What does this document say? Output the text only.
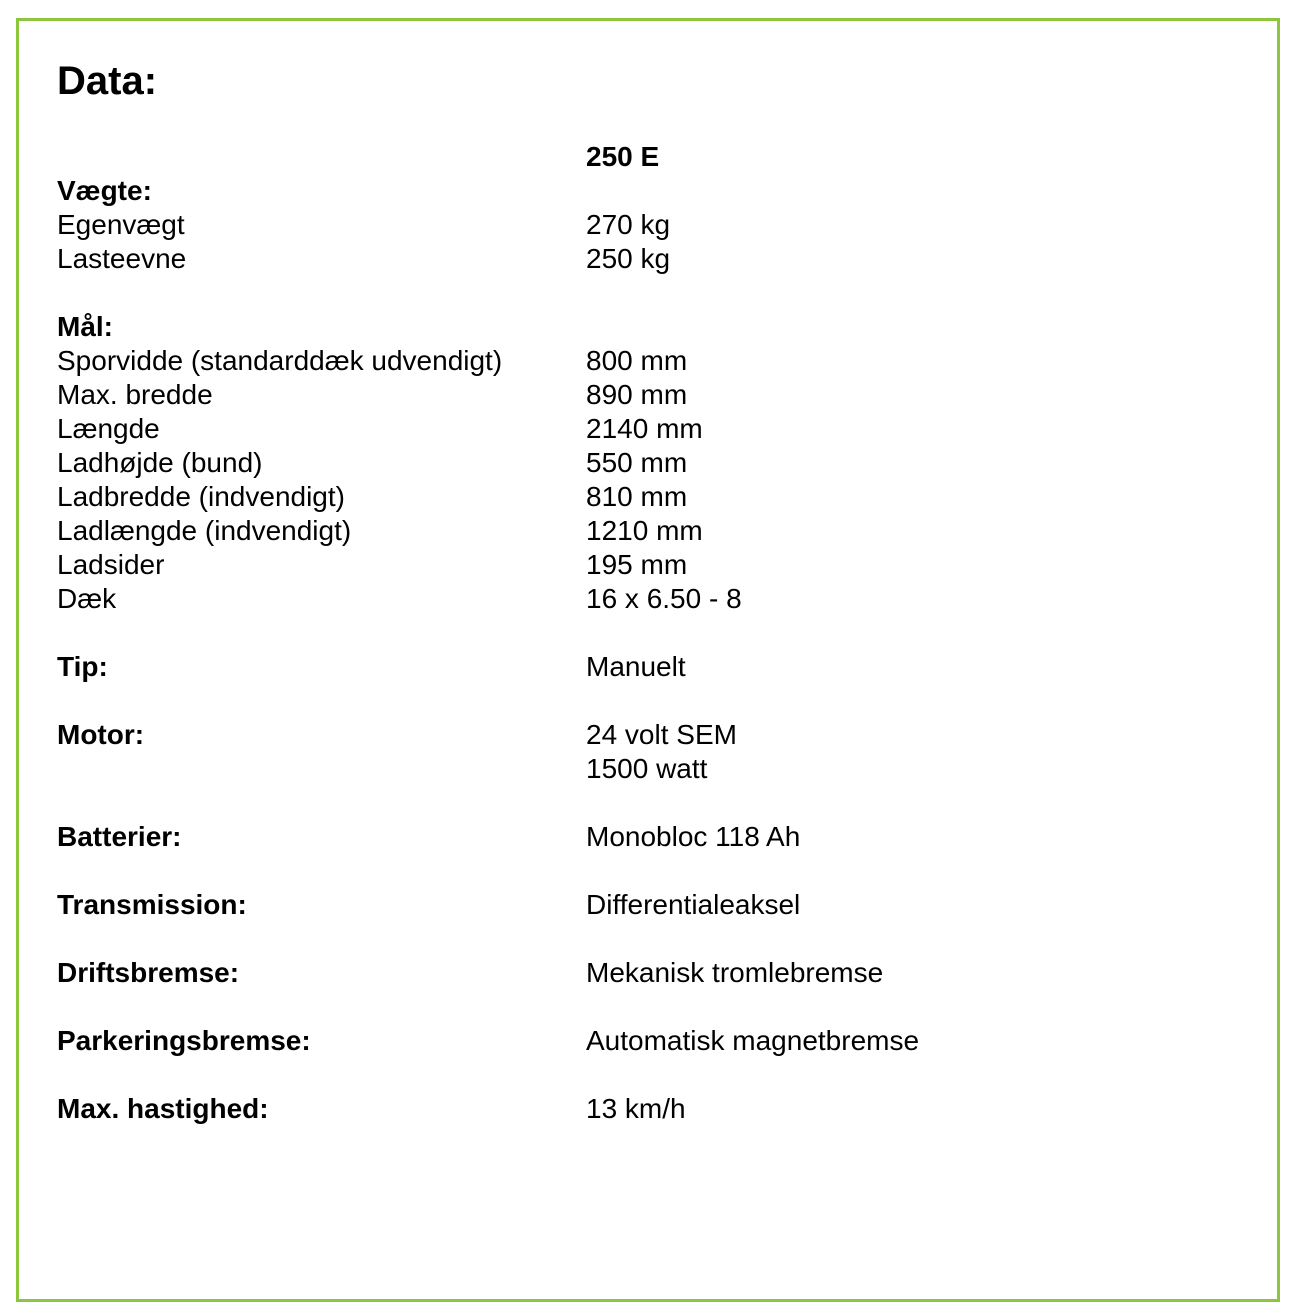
Data:
250 E
Vægte:
Egenvægt	270 kg
Lasteevne	250 kg
Mål:
Sporvidde (standarddæk udvendigt)	800 mm
Max. bredde	890 mm
Længde	2140 mm
Ladhøjde (bund)	550 mm
Ladbredde (indvendigt)	810 mm
Ladlængde (indvendigt)	1210 mm
Ladsider	195 mm
Dæk	16 x 6.50 - 8
Tip:	Manuelt
Motor:	24 volt SEM
1500 watt
Batterier:	Monobloc 118 Ah
Transmission:	Differentialeaksel
Driftsbremse:	Mekanisk tromlebremse
Parkeringsbremse:	Automatisk magnetbremse
Max. hastighed:	13 km/h
